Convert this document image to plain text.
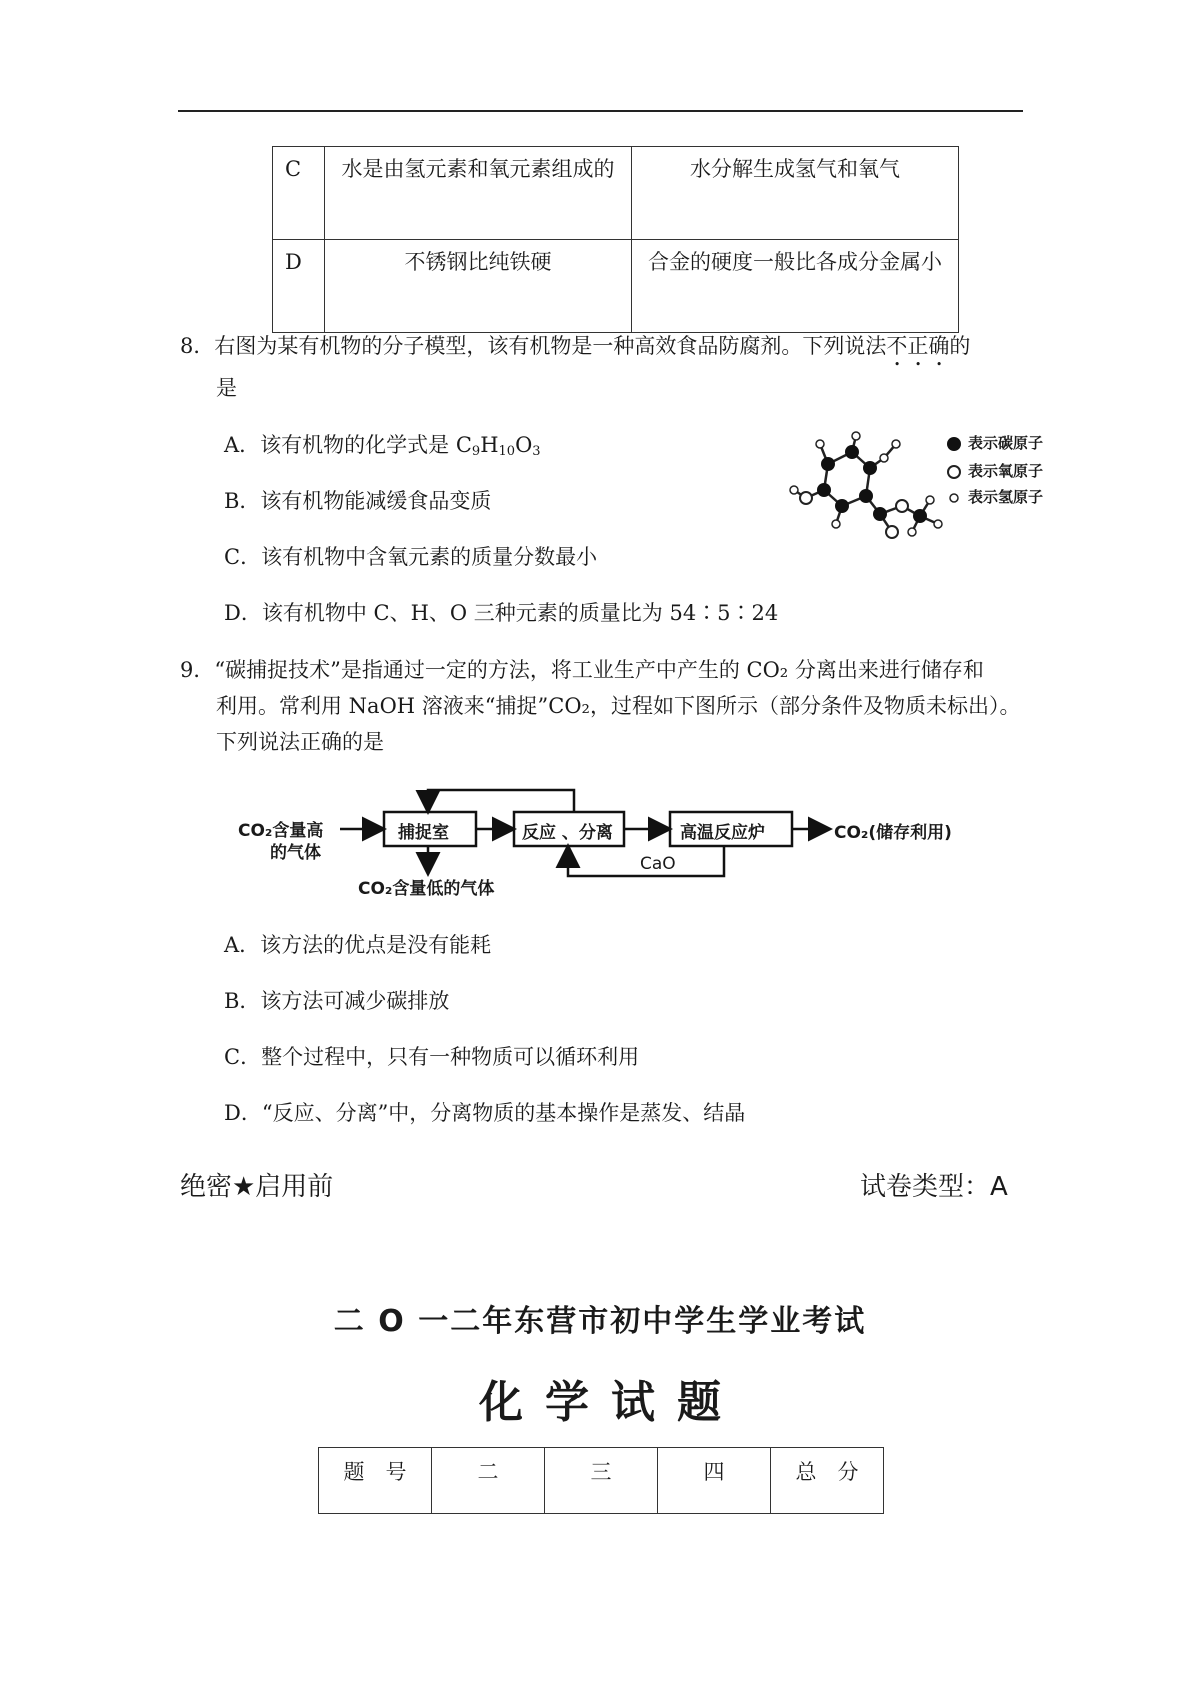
C	水是由氢元素和氧元素组成的	水分解生成氢气和氧气
D	不锈钢比纯铁硬	合金的硬度一般比各成分金属小
8．右图为某有机物的分子模型，该有机物是一种高效食品防腐剂。下列说法不正确的
是
A．该有机物的化学式是 $C_9H_{10}O_3$
B．该有机物能减缓食品变质
C．该有机物中含氧元素的质量分数最小
D．该有机物中 C、H、O 三种元素的质量比为 54∶5∶24
表示碳原子
表示氧原子
表示氢原子
9．“碳捕捉技术”是指通过一定的方法，将工业生产中产生的 CO₂ 分离出来进行储存和
利用。常利用 NaOH 溶液来“捕捉”CO₂，过程如下图所示（部分条件及物质未标出）。
下列说法正确的是
CO₂含量高
的气体
捕捉室	反应 、分离	高温反应炉	CO₂(储存利用)
CaO
CO₂含量低的气体
A．该方法的优点是没有能耗
B．该方法可减少碳排放
C．整个过程中，只有一种物质可以循环利用
D．“反应、分离”中，分离物质的基本操作是蒸发、结晶
绝密★启用前	试卷类型：A
二 O 一二年东营市初中学生学业考试
化学试题
题　号	二	三	四	总　分
